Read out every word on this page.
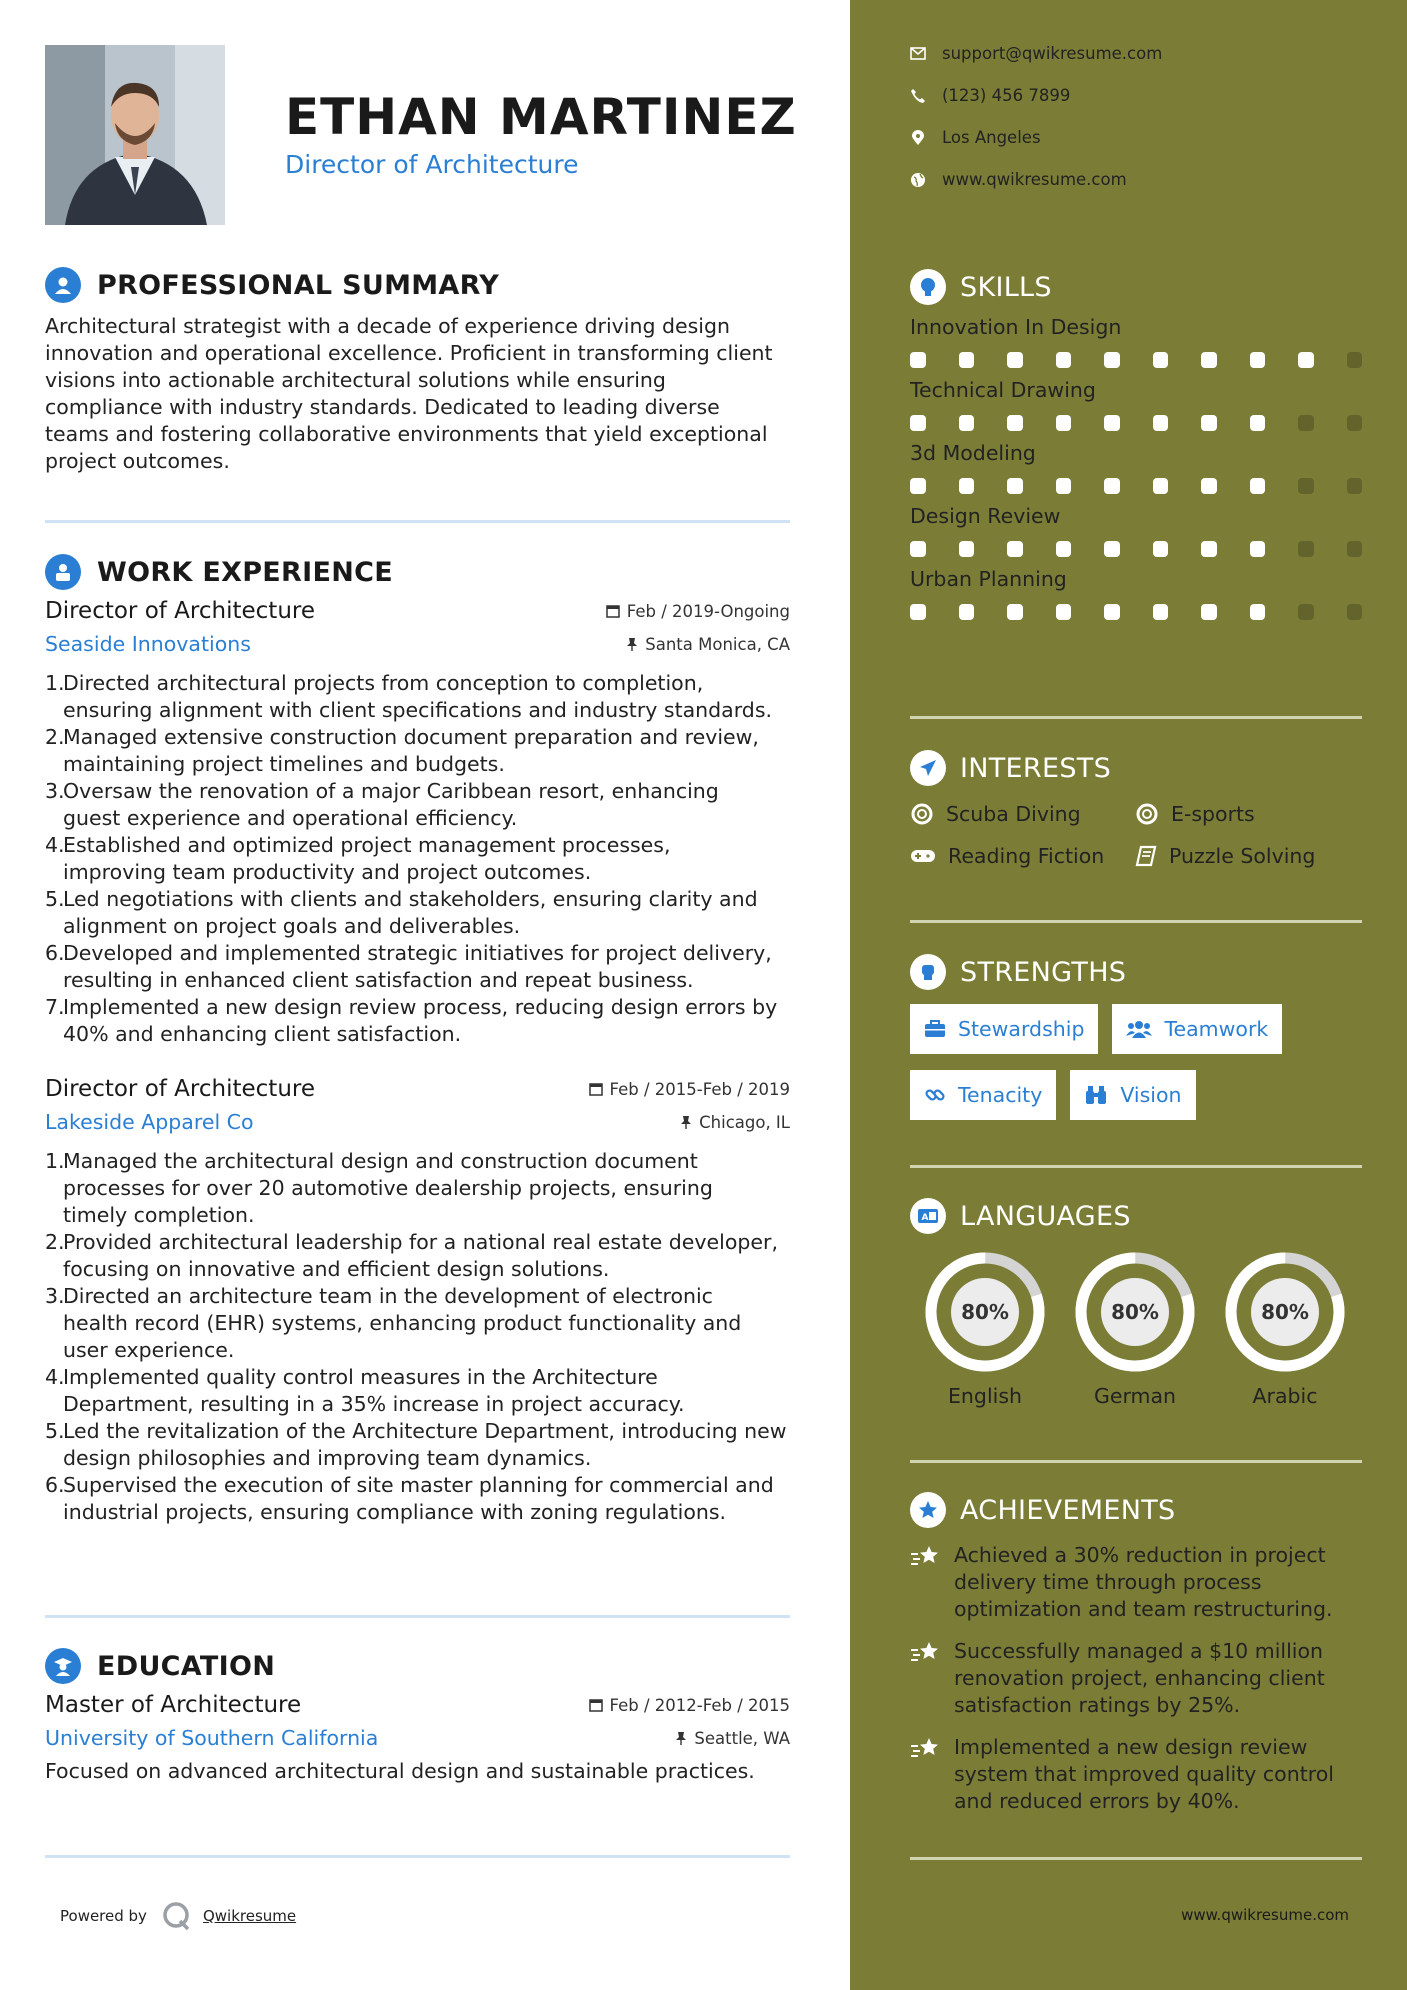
ETHAN MARTINEZ
Director of Architecture
PROFESSIONAL SUMMARY
Architectural strategist with a decade of experience driving design
innovation and operational excellence. Proficient in transforming client
visions into actionable architectural solutions while ensuring
compliance with industry standards. Dedicated to leading diverse
teams and fostering collaborative environments that yield exceptional
project outcomes.
WORK EXPERIENCE
Director of Architecture	Feb / 2019-Ongoing
Seaside Innovations	Santa Monica, CA
1.
Directed architectural projects from conception to completion,
ensuring alignment with client specifications and industry standards.
2.
Managed extensive construction document preparation and review,
maintaining project timelines and budgets.
3.
Oversaw the renovation of a major Caribbean resort, enhancing
guest experience and operational efficiency.
4.
Established and optimized project management processes,
improving team productivity and project outcomes.
5.
Led negotiations with clients and stakeholders, ensuring clarity and
alignment on project goals and deliverables.
6.
Developed and implemented strategic initiatives for project delivery,
resulting in enhanced client satisfaction and repeat business.
7.
Implemented a new design review process, reducing design errors by
40% and enhancing client satisfaction.
Director of Architecture	Feb / 2015-Feb / 2019
Lakeside Apparel Co	Chicago, IL
1.
Managed the architectural design and construction document
processes for over 20 automotive dealership projects, ensuring
timely completion.
2.
Provided architectural leadership for a national real estate developer,
focusing on innovative and efficient design solutions.
3.
Directed an architecture team in the development of electronic
health record (EHR) systems, enhancing product functionality and
user experience.
4.
Implemented quality control measures in the Architecture
Department, resulting in a 35% increase in project accuracy.
5.
Led the revitalization of the Architecture Department, introducing new
design philosophies and improving team dynamics.
6.
Supervised the execution of site master planning for commercial and
industrial projects, ensuring compliance with zoning regulations.
EDUCATION
Master of Architecture	Feb / 2012-Feb / 2015
University of Southern California	Seattle, WA
Focused on advanced architectural design and sustainable practices.
Powered by	Qwikresume
support@qwikresume.com
(123) 456 7899
Los Angeles
www.qwikresume.com
SKILLS
Innovation In Design
Technical Drawing
3d Modeling
Design Review
Urban Planning
INTERESTS
Scuba Diving	E-sports
Reading Fiction	Puzzle Solving
STRENGTHS
Stewardship	Teamwork
Tenacity	Vision
A LANGUAGES
80%
English
80%
German
80%
Arabic
ACHIEVEMENTS
Achieved a 30% reduction in project
delivery time through process
optimization and team restructuring.
Successfully managed a $10 million
renovation project, enhancing client
satisfaction ratings by 25%.
Implemented a new design review
system that improved quality control
and reduced errors by 40%.
www.qwikresume.com
